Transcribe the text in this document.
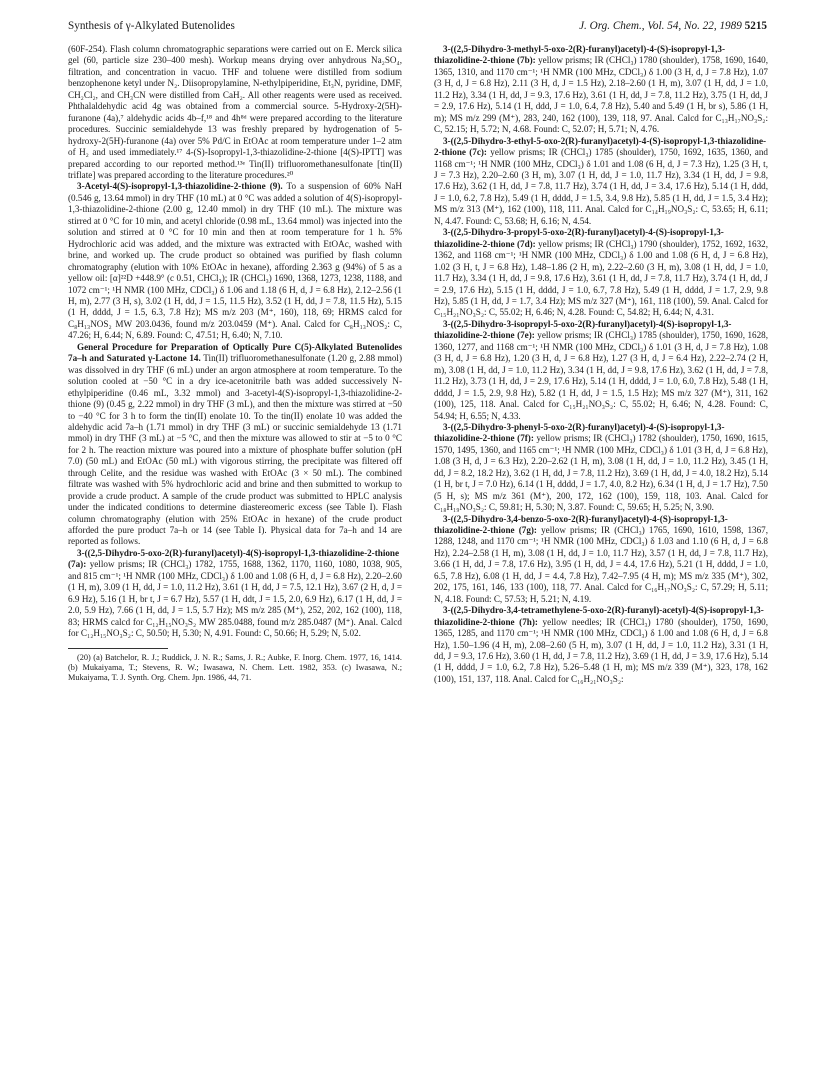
Synthesis of γ-Alkylated Butenolides	J. Org. Chem., Vol. 54, No. 22, 1989 5215

(60F-254). Flash column chromatographic separations were carried out on E. Merck silica gel (60, particle size 230–400 mesh). Workup means drying over anhydrous Na₂SO₄, filtration, and concentration in vacuo. THF and toluene were distilled from sodium benzophenone ketyl under N₂. Diisopropylamine, N-ethylpiperidine, Et₃N, pyridine, DMF, CH₂Cl₂, and CH₃CN were distilled from CaH₂. All other reagents were used as received. Phthalaldehydic acid 4g was obtained from a commercial source. 5-Hydroxy-2(5H)-furanone (4a),⁷ aldehydic acids 4b–f,¹⁸ and 4h⁸ᵈ were prepared according to the literature procedures. Succinic semialdehyde 13 was freshly prepared by hydrogenation of 5-hydroxy-2(5H)-furanone (4a) over 5% Pd/C in EtOAc at room temperature under 1–2 atm of H₂ and used immediately.¹⁷ 4-(S)-Isopropyl-1,3-thiazolidine-2-thione [4(S)-IPTT] was prepared according to our reported method.¹³ᵉ Tin(II) trifluoromethanesulfonate [tin(II) triflate] was prepared according to the literature procedures.²⁰

3-Acetyl-4(S)-isopropyl-1,3-thiazolidine-2-thione (9). To a suspension of 60% NaH (0.546 g, 13.64 mmol) in dry THF (10 mL) at 0 °C was added a solution of 4(S)-isopropyl-1,3-thiazolidine-2-thione (2.00 g, 12.40 mmol) in dry THF (10 mL). The mixture was stirred at 0 °C for 10 min, and acetyl chloride (0.98 mL, 13.64 mmol) was injected into the solution and stirred at 0 °C for 10 min and then at room temperature for 1 h. 5% Hydrochloric acid was added, and the mixture was extracted with EtOAc, washed with brine, and worked up. The crude product so obtained was purified by flash column chromatography (elution with 10% EtOAc in hexane), affording 2.363 g (94%) of 5 as a yellow oil: [α]²²D +448.9° (c 0.51, CHCl₃); IR (CHCl₃) 1690, 1368, 1273, 1238, 1188, and 1072 cm⁻¹; ¹H NMR (100 MHz, CDCl₃) δ 1.06 and 1.18 (6 H, d, J = 6.8 Hz), 2.12–2.56 (1 H, m), 2.77 (3 H, s), 3.02 (1 H, dd, J = 1.5, 11.5 Hz), 3.52 (1 H, dd, J = 7.8, 11.5 Hz), 5.15 (1 H, dddd, J = 1.5, 6.3, 7.8 Hz); MS m/z 203 (M⁺, 160), 118, 69; HRMS calcd for C₈H₁₃NOS₂ MW 203.0436, found m/z 203.0459 (M⁺). Anal. Calcd for C₈H₁₃NOS₂: C, 47.26; H, 6.44; N, 6.89. Found: C, 47.51; H, 6.40; N, 7.10.

General Procedure for Preparation of Optically Pure C(5)-Alkylated Butenolides 7a–h and Saturated γ-Lactone 14. Tin(II) trifluoromethanesulfonate (1.20 g, 2.88 mmol) was dissolved in dry THF (6 mL) under an argon atmosphere at room temperature. To the solution cooled at −50 °C in a dry ice-acetonitrile bath was added successively N-ethylpiperidine (0.46 mL, 3.32 mmol) and 3-acetyl-4(S)-isopropyl-1,3-thiazolidine-2-thione (9) (0.45 g, 2.22 mmol) in dry THF (3 mL), and then the mixture was stirred at −50 to −40 °C for 3 h to form the tin(II) enolate 10. To the tin(II) enolate 10 was added the aldehydic acid 7a–h (1.71 mmol) in dry THF (3 mL) or succinic semialdehyde 13 (1.71 mmol) in dry THF (3 mL) at −5 °C, and then the mixture was allowed to stir at −5 to 0 °C for 2 h. The reaction mixture was poured into a mixture of phosphate buffer solution (pH 7.0) (50 mL) and EtOAc (50 mL) with vigorous stirring, the precipitate was filtered off through Celite, and the residue was washed with EtOAc (3 × 50 mL). The combined filtrate was washed with 5% hydrochloric acid and brine and then submitted to workup to provide a crude product. A sample of the crude product was submitted to HPLC analysis under the indicated conditions to determine diastereomeric excess (see Table I). Flash column chromatography (elution with 25% EtOAc in hexane) of the crude product afforded the pure product 7a–h or 14 (see Table I). Physical data for 7a–h and 14 are reported as follows.

3-((2,5-Dihydro-5-oxo-2(R)-furanyl)acetyl)-4(S)-isopropyl-1,3-thiazolidine-2-thione (7a): yellow prisms; IR (CHCl₃) 1782, 1755, 1688, 1362, 1170, 1160, 1080, 1038, 905, and 815 cm⁻¹; ¹H NMR (100 MHz, CDCl₃) δ 1.00 and 1.08 (6 H, d, J = 6.8 Hz), 2.20–2.60 (1 H, m), 3.09 (1 H, dd, J = 1.0, 11.2 Hz), 3.61 (1 H, dd, J = 7.5, 12.1 Hz), 3.67 (2 H, d, J = 6.9 Hz), 5.16 (1 H, br t, J = 6.7 Hz), 5.57 (1 H, ddt, J = 1.5, 2.0, 6.9 Hz), 6.17 (1 H, dd, J = 2.0, 5.9 Hz), 7.66 (1 H, dd, J = 1.5, 5.7 Hz); MS m/z 285 (M⁺), 252, 202, 162 (100), 118, 83; HRMS calcd for C₁₂H₁₅NO₃S₂ MW 285.0488, found m/z 285.0487 (M⁺). Anal. Calcd for C₁₂H₁₅NO₃S₂: C, 50.50; H, 5.30; N, 4.91. Found: C, 50.66; H, 5.29; N, 5.02.

(20) (a) Batchelor, R. J.; Ruddick, J. N. R.; Sams, J. R.; Aubke, F. Inorg. Chem. 1977, 16, 1414. (b) Mukaiyama, T.; Stevens, R. W.; Iwasawa, N. Chem. Lett. 1982, 353. (c) Iwasawa, N.; Mukaiyama, T. J. Synth. Org. Chem. Jpn. 1986, 44, 71.

3-((2,5-Dihydro-3-methyl-5-oxo-2(R)-furanyl)acetyl)-4-(S)-isopropyl-1,3-thiazolidine-2-thione (7b): yellow prisms; IR (CHCl₃) 1780 (shoulder), 1758, 1690, 1640, 1365, 1310, and 1170 cm⁻¹; ¹H NMR (100 MHz, CDCl₃) δ 1.00 (3 H, d, J = 7.8 Hz), 1.07 (3 H, d, J = 6.8 Hz), 2.11 (3 H, d, J = 1.5 Hz), 2.18–2.60 (1 H, m), 3.07 (1 H, dd, J = 1.0, 11.2 Hz), 3.34 (1 H, dd, J = 9.3, 17.6 Hz), 3.61 (1 H, dd, J = 7.8, 11.2 Hz), 3.75 (1 H, dd, J = 2.9, 17.6 Hz), 5.14 (1 H, ddd, J = 1.0, 6.4, 7.8 Hz), 5.40 and 5.49 (1 H, br s), 5.86 (1 H, m); MS m/z 299 (M⁺), 283, 240, 162 (100), 139, 118, 97. Anal. Calcd for C₁₃H₁₇NO₃S₂: C, 52.15; H, 5.72; N, 4.68. Found: C, 52.07; H, 5.71; N, 4.76.

3-((2,5-Dihydro-3-ethyl-5-oxo-2(R)-furanyl)acetyl)-4-(S)-isopropyl-1,3-thiazolidine-2-thione (7c): yellow prisms; IR (CHCl₃) 1785 (shoulder), 1750, 1692, 1635, 1360, and 1168 cm⁻¹; ¹H NMR (100 MHz, CDCl₃) δ 1.01 and 1.08 (6 H, d, J = 7.3 Hz), 1.25 (3 H, t, J = 7.3 Hz), 2.20–2.60 (3 H, m), 3.07 (1 H, dd, J = 1.0, 11.7 Hz), 3.34 (1 H, dd, J = 9.8, 17.6 Hz), 3.62 (1 H, dd, J = 7.8, 11.7 Hz), 3.74 (1 H, dd, J = 3.4, 17.6 Hz), 5.14 (1 H, ddd, J = 1.0, 6.2, 7.8 Hz), 5.49 (1 H, dddd, J = 1.5, 3.4, 9.8 Hz), 5.85 (1 H, dd, J = 1.5, 3.4 Hz); MS m/z 313 (M⁺), 162 (100), 118, 111. Anal. Calcd for C₁₄H₁₉NO₃S₂: C, 53.65; H, 6.11; N, 4.47. Found: C, 53.68; H, 6.16; N, 4.54.

3-((2,5-Dihydro-3-propyl-5-oxo-2(R)-furanyl)acetyl)-4-(S)-isopropyl-1,3-thiazolidine-2-thione (7d): yellow prisms; IR (CHCl₃) 1790 (shoulder), 1752, 1692, 1632, 1362, and 1168 cm⁻¹; ¹H NMR (100 MHz, CDCl₃) δ 1.00 and 1.08 (6 H, d, J = 6.8 Hz), 1.02 (3 H, t, J = 6.8 Hz), 1.48–1.86 (2 H, m), 2.22–2.60 (3 H, m), 3.08 (1 H, dd, J = 1.0, 11.7 Hz), 3.34 (1 H, dd, J = 9.8, 17.6 Hz), 3.61 (1 H, dd, J = 7.8, 11.7 Hz), 3.74 (1 H, dd, J = 2.9, 17.6 Hz), 5.15 (1 H, dddd, J = 1.0, 6.7, 7.8 Hz), 5.49 (1 H, dddd, J = 1.7, 2.9, 9.8 Hz), 5.85 (1 H, dd, J = 1.7, 3.4 Hz); MS m/z 327 (M⁺), 161, 118 (100), 59. Anal. Calcd for C₁₅H₂₁NO₃S₂: C, 55.02; H, 6.46; N, 4.28. Found: C, 54.82; H, 6.44; N, 4.31.

3-((2,5-Dihydro-3-isopropyl-5-oxo-2(R)-furanyl)acetyl)-4(S)-isopropyl-1,3-thiazolidine-2-thione (7e): yellow prisms; IR (CHCl₃) 1785 (shoulder), 1750, 1690, 1628, 1360, 1277, and 1168 cm⁻¹; ¹H NMR (100 MHz, CDCl₃) δ 1.01 (3 H, d, J = 7.8 Hz), 1.08 (3 H, d, J = 6.8 Hz), 1.20 (3 H, d, J = 6.8 Hz), 1.27 (3 H, d, J = 6.4 Hz), 2.22–2.74 (2 H, m), 3.08 (1 H, dd, J = 1.0, 11.2 Hz), 3.34 (1 H, dd, J = 9.8, 17.6 Hz), 3.62 (1 H, dd, J = 7.8, 11.2 Hz), 3.73 (1 H, dd, J = 2.9, 17.6 Hz), 5.14 (1 H, dddd, J = 1.0, 6.0, 7.8 Hz), 5.48 (1 H, dddd, J = 1.5, 2.9, 9.8 Hz), 5.82 (1 H, dd, J = 1.5, 1.5 Hz); MS m/z 327 (M⁺), 311, 162 (100), 125, 118. Anal. Calcd for C₁₅H₂₁NO₃S₂: C, 55.02; H, 6.46; N, 4.28. Found: C, 54.94; H, 6.55; N, 4.33.

3-((2,5-Dihydro-3-phenyl-5-oxo-2(R)-furanyl)acetyl)-4-(S)-isopropyl-1,3-thiazolidine-2-thione (7f): yellow prisms; IR (CHCl₃) 1782 (shoulder), 1750, 1690, 1615, 1570, 1495, 1360, and 1165 cm⁻¹; ¹H NMR (100 MHz, CDCl₃) δ 1.01 (3 H, d, J = 6.8 Hz), 1.08 (3 H, d, J = 6.3 Hz), 2.20–2.62 (1 H, m), 3.08 (1 H, dd, J = 1.0, 11.2 Hz), 3.45 (1 H, dd, J = 8.2, 18.2 Hz), 3.62 (1 H, dd, J = 7.8, 11.2 Hz), 3.69 (1 H, dd, J = 4.0, 18.2 Hz), 5.14 (1 H, br t, J = 7.0 Hz), 6.14 (1 H, dddd, J = 1.7, 4.0, 8.2 Hz), 6.34 (1 H, d, J = 1.7 Hz), 7.50 (5 H, s); MS m/z 361 (M⁺), 200, 172, 162 (100), 159, 118, 103. Anal. Calcd for C₁₈H₁₉NO₃S₂: C, 59.81; H, 5.30; N, 3.87. Found: C, 59.65; H, 5.25; N, 3.90.

3-((2,5-Dihydro-3,4-benzo-5-oxo-2(R)-furanyl)acetyl)-4-(S)-isopropyl-1,3-thiazolidine-2-thione (7g): yellow prisms; IR (CHCl₃) 1765, 1690, 1610, 1598, 1367, 1288, 1248, and 1170 cm⁻¹; ¹H NMR (100 MHz, CDCl₃) δ 1.03 and 1.10 (6 H, d, J = 6.8 Hz), 2.24–2.58 (1 H, m), 3.08 (1 H, dd, J = 1.0, 11.7 Hz), 3.57 (1 H, dd, J = 7.8, 11.7 Hz), 3.66 (1 H, dd, J = 7.8, 17.6 Hz), 3.95 (1 H, dd, J = 4.4, 17.6 Hz), 5.21 (1 H, dddd, J = 1.0, 6.5, 7.8 Hz), 6.08 (1 H, dd, J = 4.4, 7.8 Hz), 7.42–7.95 (4 H, m); MS m/z 335 (M⁺), 302, 202, 175, 161, 146, 133 (100), 118, 77. Anal. Calcd for C₁₆H₁₇NO₃S₂: C, 57.29; H, 5.11; N, 4.18. Found: C, 57.53; H, 5.21; N, 4.19.

3-((2,5-Dihydro-3,4-tetramethylene-5-oxo-2(R)-furanyl)-acetyl)-4(S)-isopropyl-1,3-thiazolidine-2-thione (7h): yellow needles; IR (CHCl₃) 1780 (shoulder), 1750, 1690, 1365, 1285, and 1170 cm⁻¹; ¹H NMR (100 MHz, CDCl₃) δ 1.00 and 1.08 (6 H, d, J = 6.8 Hz), 1.50–1.96 (4 H, m), 2.08–2.60 (5 H, m), 3.07 (1 H, dd, J = 1.0, 11.2 Hz), 3.31 (1 H, dd, J = 9.3, 17.6 Hz), 3.60 (1 H, dd, J = 7.8, 11.2 Hz), 3.69 (1 H, dd, J = 3.9, 17.6 Hz), 5.14 (1 H, dddd, J = 1.0, 6.2, 7.8 Hz), 5.26–5.48 (1 H, m); MS m/z 339 (M⁺), 323, 178, 162 (100), 151, 137, 118. Anal. Calcd for C₁₆H₂₁NO₃S₂:
